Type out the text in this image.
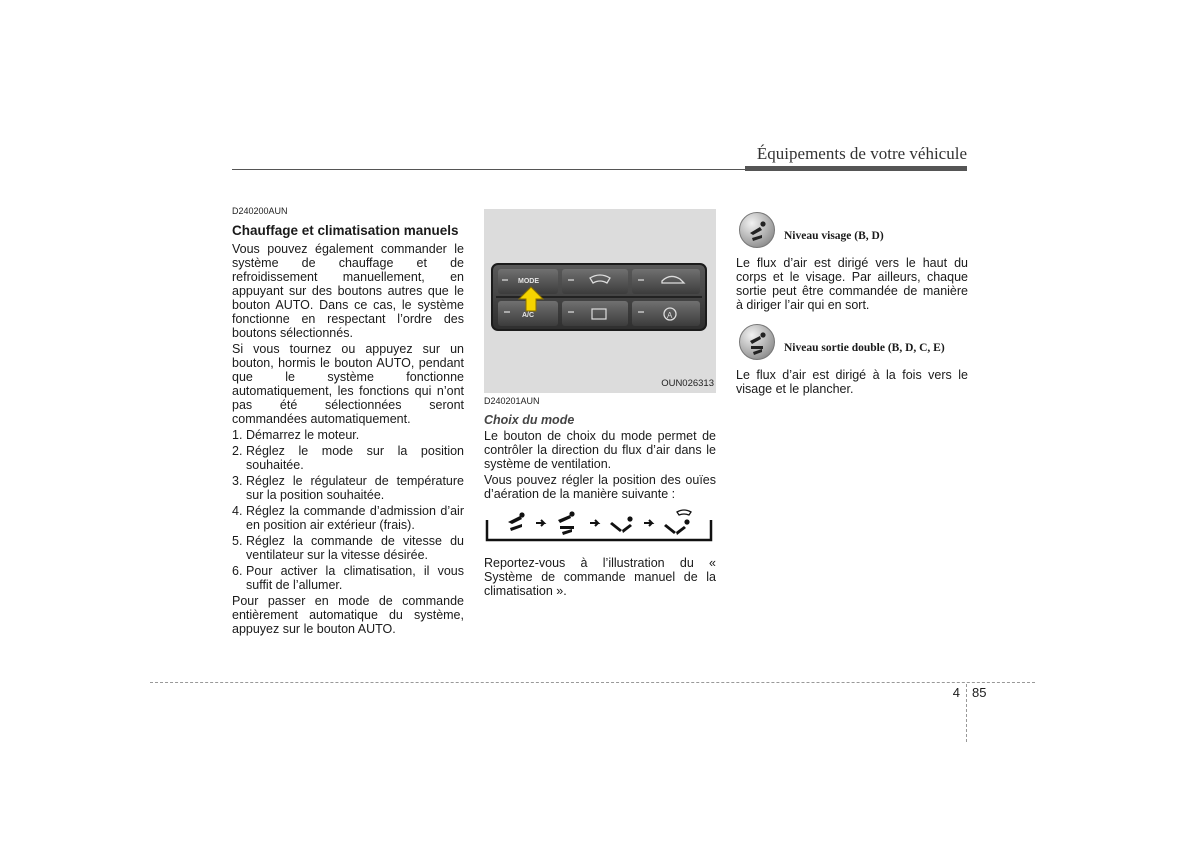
Équipements de votre véhicule
D240200AUN
Chauffage et climatisation manuels

Vous pouvez également commander le système de chauffage et de refroidissement manuellement, en appuyant sur des boutons autres que le bouton AUTO. Dans ce cas, le système fonctionne en respectant l’ordre des boutons sélectionnés.

Si vous tournez ou appuyez sur un bouton, hormis le bouton AUTO, pendant que le système fonctionne automatiquement, les fonctions qui n’ont pas été sélectionnées seront commandées automatiquement.

1. Démarrez le moteur.
2. Réglez le mode sur la position souhaitée.
3. Réglez le régulateur de température sur la position souhaitée.
4. Réglez la commande d’admission d’air en position air extérieur (frais).
5. Réglez la commande de vitesse du ventilateur sur la vitesse désirée.
6. Pour activer la climatisation, il vous suffit de l’allumer.

Pour passer en mode de commande entièrement automatique du système, appuyez sur le bouton AUTO.

A
MODE
A/C
OUN026313
D240201AUN
Choix du mode

Le bouton de choix du mode permet de contrôler la direction du flux d’air dans le système de ventilation.

Vous pouvez régler la position des ouïes d’aération de la manière suivante :

Reportez-vous à l’illustration du « Système de commande manuel de la climatisation ».

Niveau visage (B, D)

Le flux d’air est dirigé vers le haut du corps et le visage. Par ailleurs, chaque sortie peut être commandée de manière à diriger l’air qui en sort.

Niveau sortie double (B, D, C, E)

Le flux d’air est dirigé à la fois vers le visage et le plancher.

4 85
